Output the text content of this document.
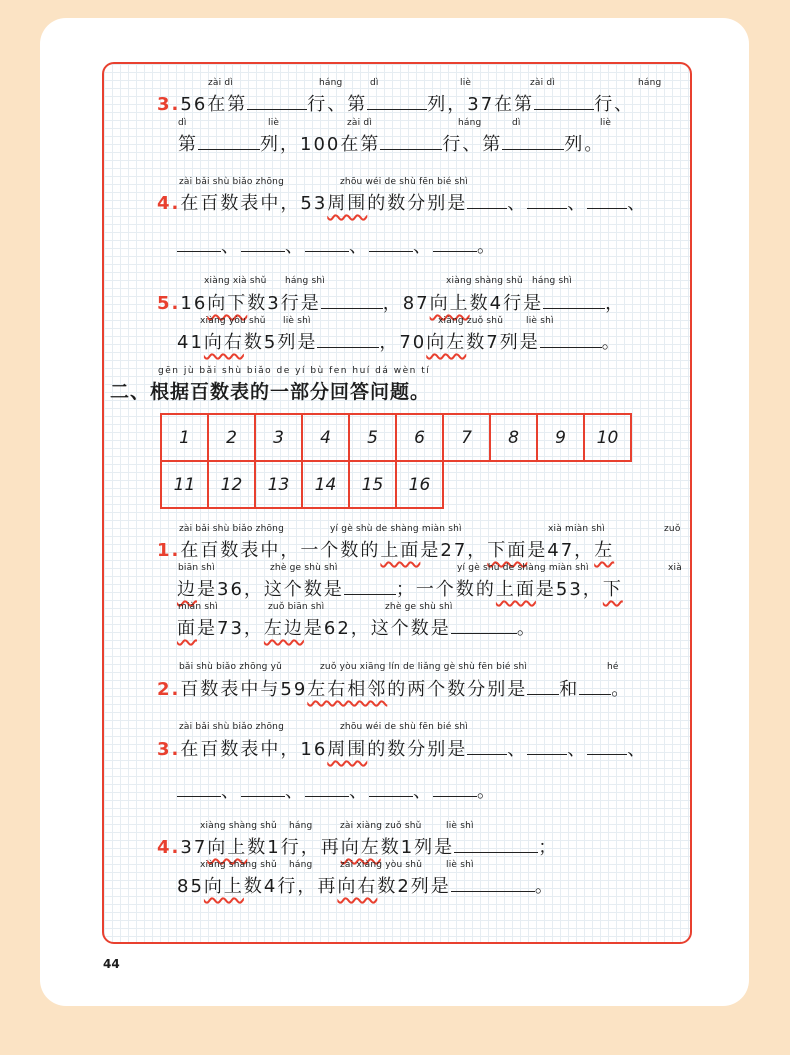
zài dì	háng	dì	liè	zài dì	háng
3.56在第	行、第	列，37在第	行、
dì	liè	zài dì	háng	dì	liè
第	列，100在第	行、第	列。
zài bǎi shù biǎo zhōng	zhōu wéi de shù fēn bié shì
4.在百数表中，53周围的数分别是 、 、 、
、 、 、 、 。
xiàng xià shǔ háng shì	xiàng shàng shǔ háng shì
5.16向下数3行是	，87向上数4行是	，
xiàng yòu shǔ liè shì	xiàng zuǒ shǔ	liè shì
41向右数5列是	，70向左数7列是	。
gēn jù bǎi shù biǎo de yí bù fen huí dá wèn tí
二、根据百数表的一部分回答问题。
1	2	3	4	5	6	7	8	9	10
11	12	13	14	15	16				
zài bǎi shù biǎo zhōng	yí gè shù de shàng miàn shì	xià miàn shì	zuǒ
1.在百数表中，一个数的上面是27，下面是47，左
biān shì	zhè ge shù shì	yí gè shù de shàng miàn shì	xià
边是36，这个数是	；一个数的上面是53，下
miàn shì	zuǒ biān shì	zhè ge shù shì
面是73，左边是62，这个数是	。
bǎi shù biǎo zhōng yǔ	zuǒ yòu xiāng lín de liǎng gè shù fēn bié shì	hé
2.百数表中与59左右相邻的两个数分别是 和 。
zài bǎi shù biǎo zhōng	zhōu wéi de shù fēn bié shì
3.在百数表中，16周围的数分别是 、 、 、
、 、 、 、 。
xiàng shàng shǔ háng	zài xiàng zuǒ shǔ	liè shì
4.37向上数1行，再向左数1列是	；
xiàng shàng shǔ háng	zài xiàng yòu shǔ	liè shì
85向上数4行，再向右数2列是	。
44
